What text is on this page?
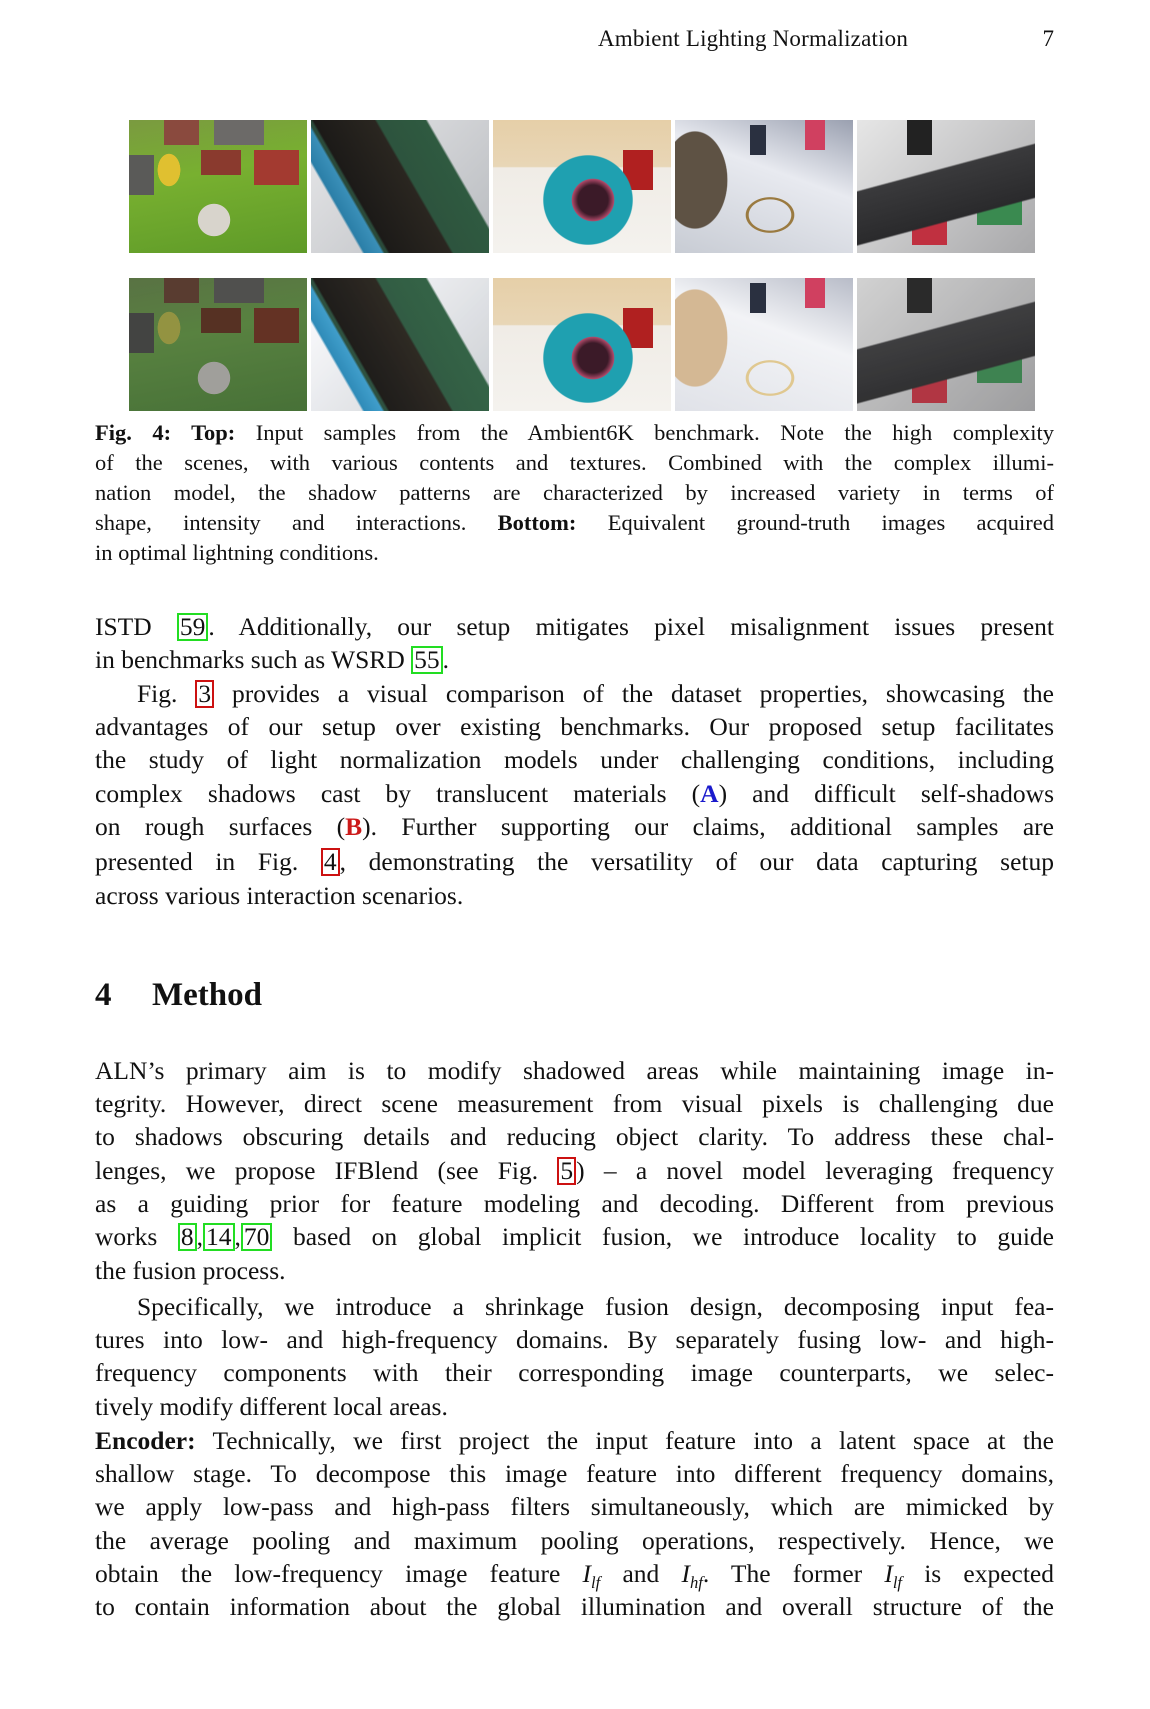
Ambient Lighting Normalization	7
Fig. 4: Top: Input samples from the Ambient6K benchmark. Note the high complexity
of the scenes, with various contents and textures. Combined with the complex illumi-
nation model, the shadow patterns are characterized by increased variety in terms of
shape, intensity and interactions. Bottom: Equivalent ground-truth images acquired
in optimal lightning conditions.
ISTD 59 . Additionally, our setup mitigates pixel misalignment issues present
in benchmarks such as WSRD 55 .
Fig. 3 provides a visual comparison of the dataset properties, showcasing the
advantages of our setup over existing benchmarks. Our proposed setup facilitates
the study of light normalization models under challenging conditions, including
complex shadows cast by translucent materials (A) and difficult self-shadows
on rough surfaces (B). Further supporting our claims, additional samples are
presented in Fig. 4 , demonstrating the versatility of our data capturing setup
across various interaction scenarios.
4 Method
ALN’s primary aim is to modify shadowed areas while maintaining image in-
tegrity. However, direct scene measurement from visual pixels is challenging due
to shadows obscuring details and reducing object clarity. To address these chal-
lenges, we propose IFBlend (see Fig. 5 ) – a novel model leveraging frequency
as a guiding prior for feature modeling and decoding. Different from previous
works 8 , 14 , 70 based on global implicit fusion, we introduce locality to guide
the fusion process.
Specifically, we introduce a shrinkage fusion design, decomposing input fea-
tures into low- and high-frequency domains. By separately fusing low- and high-
frequency components with their corresponding image counterparts, we selec-
tively modify different local areas.
Encoder: Technically, we first project the input feature into a latent space at the
shallow stage. To decompose this image feature into different frequency domains,
we apply low-pass and high-pass filters simultaneously, which are mimicked by
the average pooling and maximum pooling operations, respectively. Hence, we
obtain the low-frequency image feature $I_{lf}$ and $I_{hf}$. The former $I_{lf}$ is expected
to contain information about the global illumination and overall structure of the
